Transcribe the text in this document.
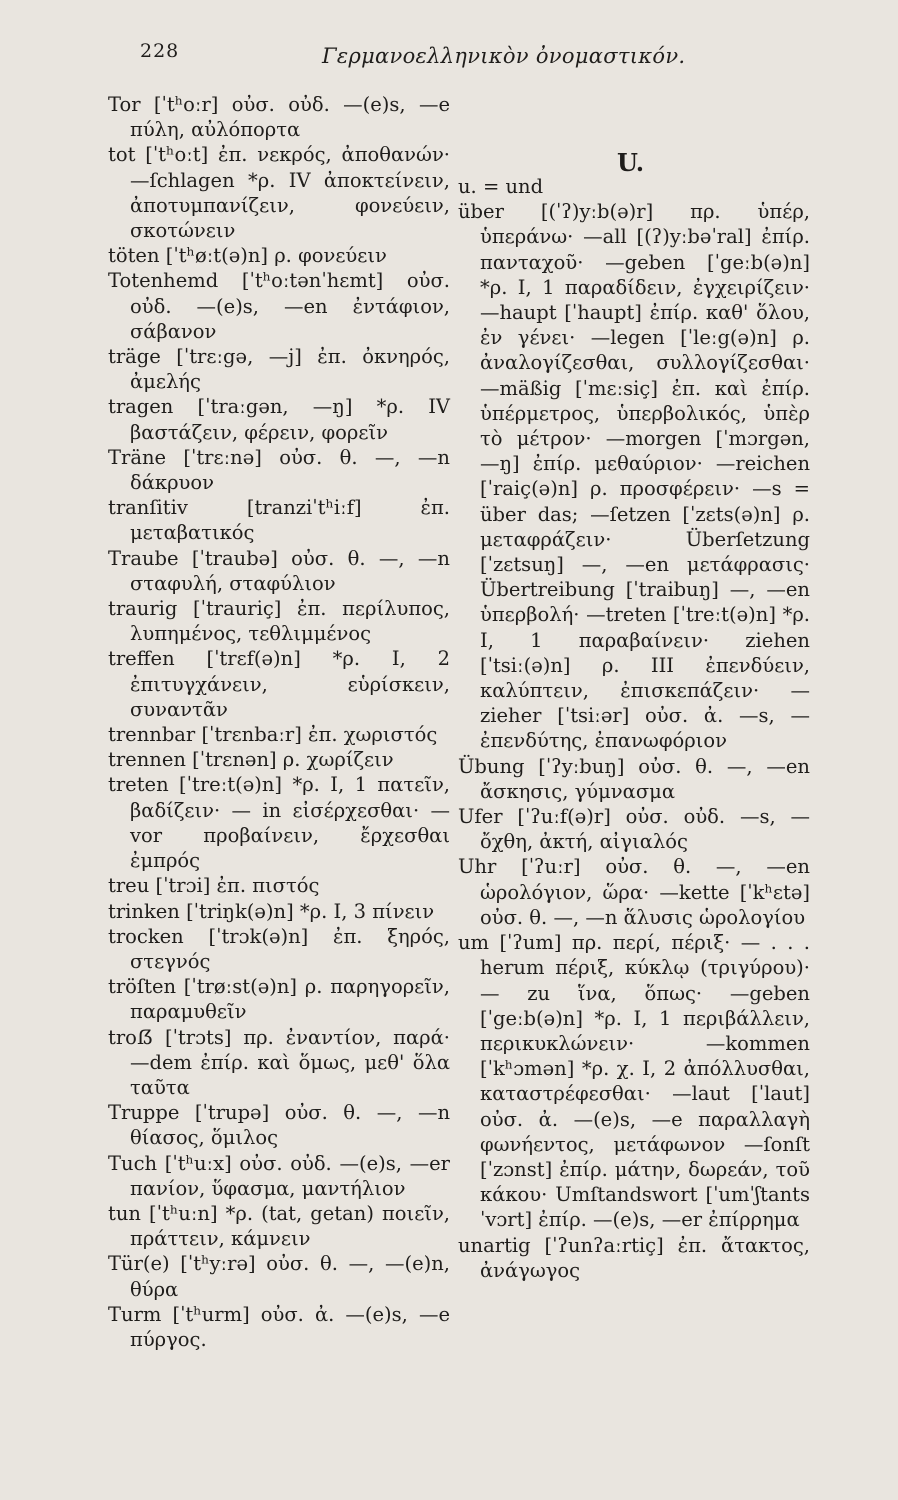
228	Γερμανοελληνικὸν ὀνομαστικόν.

Tor [ˈtʰoːr] οὐσ. οὐδ. —(e)s, —e πύλη, αὐλόπορτα

tot [ˈtʰoːt] ἐπ. νεκρός, ἀποθανών· —ſchlagen *ρ. IV ἀποκτείνειν, ἀποτυμπανίζειν, φονεύειν, σκοτώνειν

töten [ˈtʰøːt(ə)n] ρ. φονεύειν

Totenhemd [ˈtʰoːtənˈhɛmt] οὐσ. οὐδ. —(e)s, —en ἐντάφιον, σάβανον

träge [ˈtrɛːgə, —j] ἐπ. ὀκνηρός, ἀμελής

tragen [ˈtraːgən, —ŋ] *ρ. IV βαστάζειν, φέρειν, φορεῖν

Träne [ˈtrɛːnə] οὐσ. θ. —, —n δάκρυον

tranſitiv [tranziˈtʰiːf] ἐπ. μεταβατικός

Traube [ˈtraubə] οὐσ. θ. —, —n σταφυλή, σταφύλιον

traurig [ˈtrauriç] ἐπ. περίλυπος, λυπημένος, τεθλιμμένος

treffen [ˈtrɛf(ə)n] *ρ. I, 2 ἐπιτυγχάνειν, εὑρίσκειν, συναντᾶν

trennbar [ˈtrɛnbaːr] ἐπ. χωριστός

trennen [ˈtrɛnən] ρ. χωρίζειν

treten [ˈtreːt(ə)n] *ρ. I, 1 πατεῖν, βαδίζειν· — in εἰσέρχεσθαι· — vor προβαίνειν, ἔρχεσθαι ἐμπρός

treu [ˈtrɔi] ἐπ. πιστός

trinken [ˈtriŋk(ə)n] *ρ. I, 3 πίνειν

trocken [ˈtrɔk(ə)n] ἐπ. ξηρός, στεγνός

tröſten [ˈtrøːst(ə)n] ρ. παρηγορεῖν, παραμυθεῖν

troẞ [ˈtrɔts] πρ. ἐναντίον, παρά· —dem ἐπίρ. καὶ ὅμως, μεθ' ὅλα ταῦτα

Truppe [ˈtrupə] οὐσ. θ. —, —n θίασος, ὅμιλος

Tuch [ˈtʰuːx] οὐσ. οὐδ. —(e)s, —er πανίον, ὕφασμα, μαντήλιον

tun [ˈtʰuːn] *ρ. (tat, getan) ποιεῖν, πράττειν, κάμνειν

Tür(e) [ˈtʰyːrə] οὐσ. θ. —, —(e)n, θύρα

Turm [ˈtʰurm] οὐσ. ἀ. —(e)s, —e πύργος.

U.

u. = und

über [(ˈʔ)yːb(ə)r] πρ. ὑπέρ, ὑπεράνω· —all [(ʔ)yːbəˈral] ἐπίρ. πανταχοῦ· —geben [ˈgeːb(ə)n] *ρ. I, 1 παραδίδειν, ἐγχειρίζειν· —haupt [ˈhaupt] ἐπίρ. καθ' ὅλου, ἐν γένει· —legen [ˈleːg(ə)n] ρ. ἀναλογίζεσθαι, συλλογίζεσθαι· —mäßig [ˈmɛːsiç] ἐπ. καὶ ἐπίρ. ὑπέρμετρος, ὑπερβολικός, ὑπὲρ τὸ μέτρον· —morgen [ˈmɔrgən, —ŋ] ἐπίρ. μεθαύριον· —reichen [ˈraiç(ə)n] ρ. προσφέρειν· —s = über das; —ſetzen [ˈzɛts(ə)n] ρ. μεταφράζειν· Überſetzung [ˈzɛtsuŋ] —, —en μετάφρασις· Übertreibung [ˈtraibuŋ] —, —en ὑπερβολή· —treten [ˈtreːt(ə)n] *ρ. I, 1 παραβαίνειν· ziehen [ˈtsiː(ə)n] ρ. III ἐπενδύειν, καλύπτειν, ἐπισκεπάζειν· —zieher [ˈtsiːər] οὐσ. ἀ. —s, — ἐπενδύτης, ἐπανωφόριον

Übung [ˈʔyːbuŋ] οὐσ. θ. —, —en ἄσκησις, γύμνασμα

Ufer [ˈʔuːf(ə)r] οὐσ. οὐδ. —s, — ὄχθη, ἀκτή, αἰγιαλός

Uhr [ˈʔuːr] οὐσ. θ. —, —en ὡρολόγιον, ὥρα· —kette [ˈkʰɛtə] οὐσ. θ. —, —n ἅλυσις ὡρολογίου

um [ˈʔum] πρ. περί, πέριξ· — . . . herum πέριξ, κύκλῳ (τριγύρου)· — zu ἵνα, ὅπως· —geben [ˈgeːb(ə)n] *ρ. I, 1 περιβάλλειν, περικυκλώνειν· —kommen [ˈkʰɔmən] *ρ. χ. I, 2 ἀπόλλυσθαι, καταστρέφεσθαι· —laut [ˈlaut] οὐσ. ἀ. —(e)s, —e παραλλαγὴ φωνήεντος, μετάφωνον —ſonſt [ˈzɔnst] ἐπίρ. μάτην, δωρεάν, τοῦ κάκου· Umſtandswort [ˈumˈʃtantsˈvɔrt] ἐπίρ. —(e)s, —er ἐπίρρημα

unartig [ˈʔunʔaːrtiç] ἐπ. ἄτακτος, ἀνάγωγος
